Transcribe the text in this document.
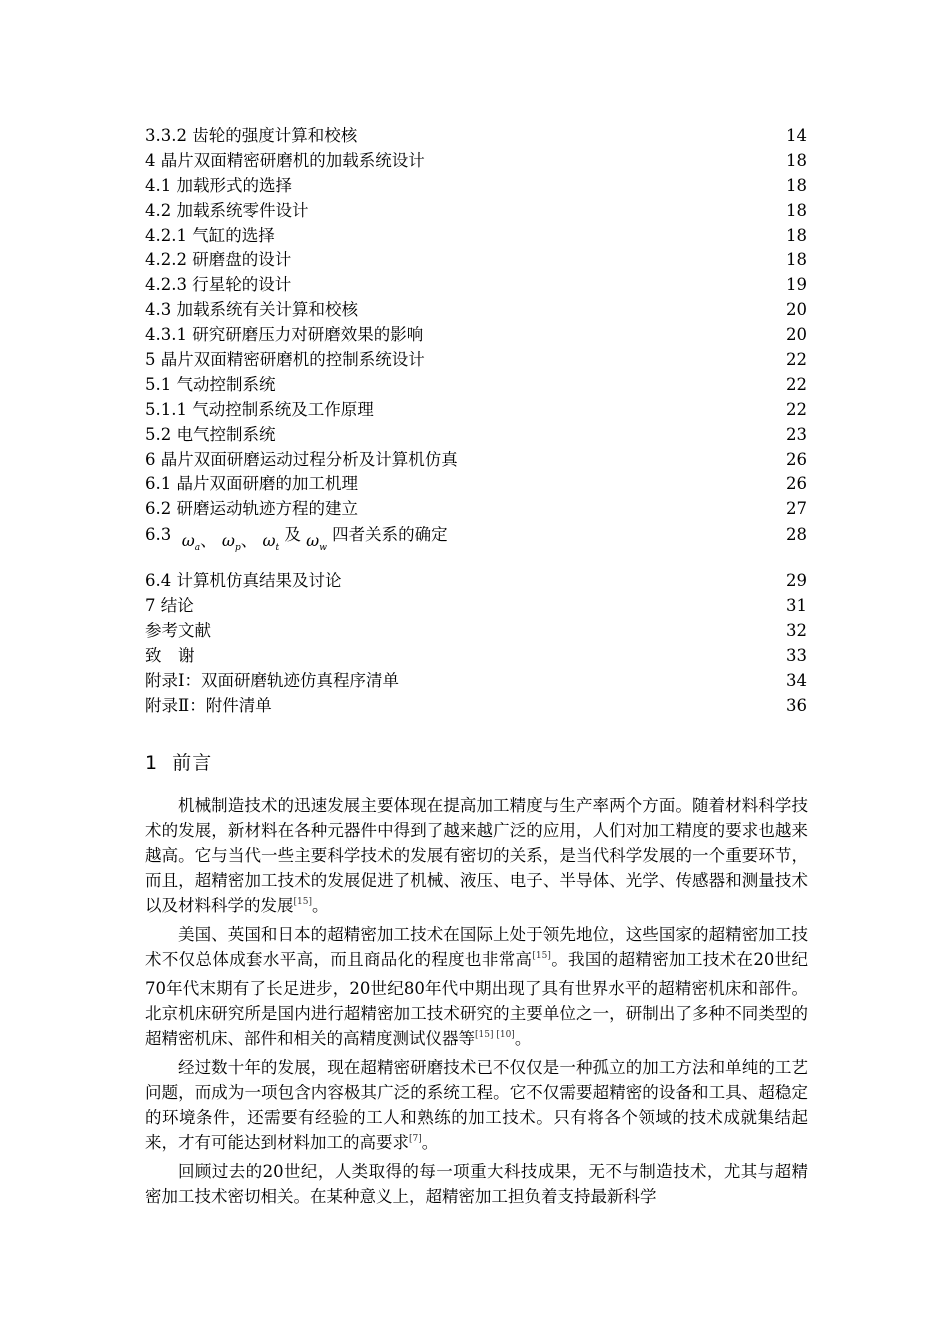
3.3.2 齿轮的强度计算和校核	14
4 晶片双面精密研磨机的加载系统设计	18
4.1 加载形式的选择	18
4.2 加载系统零件设计	18
4.2.1 气缸的选择	18
4.2.2 研磨盘的设计	18
4.2.3 行星轮的设计	19
4.3 加载系统有关计算和校核	20
4.3.1 研究研磨压力对研磨效果的影响	20
5 晶片双面精密研磨机的控制系统设计	22
5.1 气动控制系统	22
5.1.1 气动控制系统及工作原理	22
5.2 电气控制系统	23
6 晶片双面研磨运动过程分析及计算机仿真	26
6.1 晶片双面研磨的加工机理	26
6.2 研磨运动轨迹方程的建立	27
6.3 $\omega_a$、 $\omega_p$、 $\omega_t$ 及 $\omega_w$ 四者关系的确定	28
6.4 计算机仿真结果及讨论	29
7 结论	31
参考文献	32
致　谢	33
附录Ⅰ：双面研磨轨迹仿真程序清单	34
附录Ⅱ：附件清单	36
1 前言

机械制造技术的迅速发展主要体现在提高加工精度与生产率两个方面。随着材料科学技术的发展，新材料在各种元器件中得到了越来越广泛的应用，人们对加工精度的要求也越来越高。它与当代一些主要科学技术的发展有密切的关系，是当代科学发展的一个重要环节，而且，超精密加工技术的发展促进了机械、液压、电子、半导体、光学、传感器和测量技术以及材料科学的发展[15]。

美国、英国和日本的超精密加工技术在国际上处于领先地位，这些国家的超精密加工技术不仅总体成套水平高，而且商品化的程度也非常高[15]。我国的超精密加工技术在20世纪70年代末期有了长足进步，20世纪80年代中期出现了具有世界水平的超精密机床和部件。北京机床研究所是国内进行超精密加工技术研究的主要单位之一，研制出了多种不同类型的超精密机床、部件和相关的高精度测试仪器等[15] [10]。

经过数十年的发展，现在超精密研磨技术已不仅仅是一种孤立的加工方法和单纯的工艺问题，而成为一项包含内容极其广泛的系统工程。它不仅需要超精密的设备和工具、超稳定的环境条件，还需要有经验的工人和熟练的加工技术。只有将各个领域的技术成就集结起来，才有可能达到材料加工的高要求[7]。

回顾过去的20世纪，人类取得的每一项重大科技成果，无不与制造技术，尤其与超精密加工技术密切相关。在某种意义上，超精密加工担负着支持最新科学
